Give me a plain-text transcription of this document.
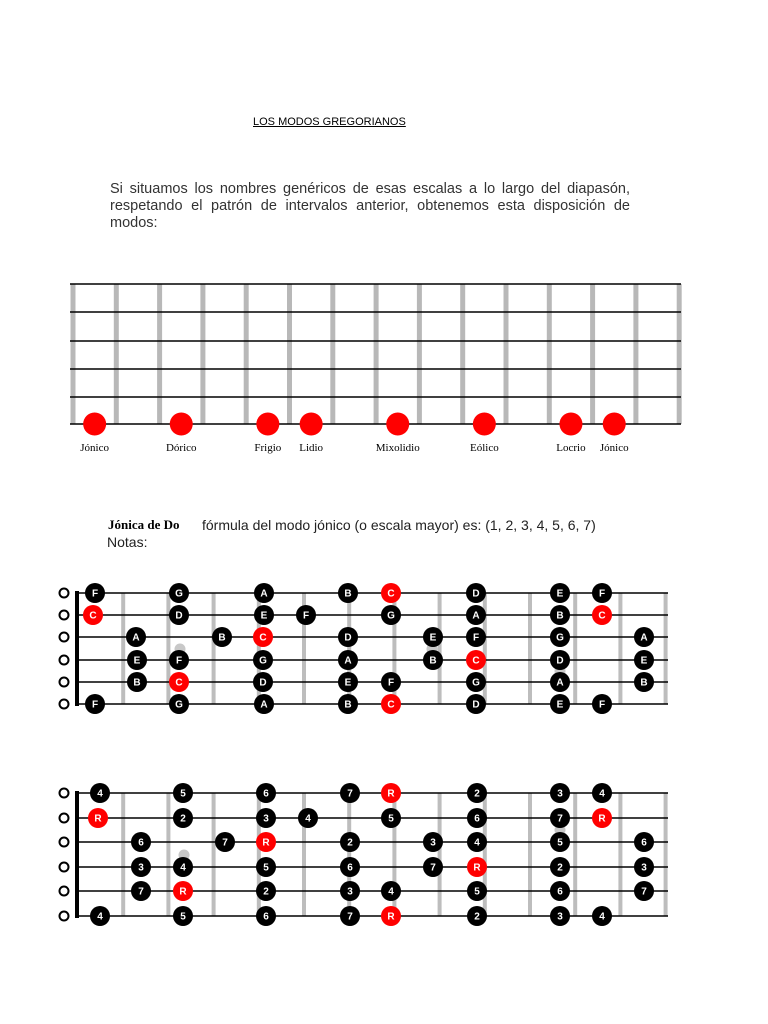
LOS MODOS GREGORIANOS

Si situamos los nombres genéricos de esas escalas a lo largo del diapasón,

respetando el patrón de intervalos anterior, obtenemos esta disposición de modos:

Jónico	Dórico	Frigio Lidio	Mixolidio	Eólico	Locrio Jónico
Jónica de Do fórmula del modo jónico (o escala mayor) es: (1, 2, 3, 4, 5, 6, 7)
Notas:
F	G	A	B	C	D	E	F
C	D	E	F	G	A	B	C
A	B	C	D	E	F	G	A
E	F	G	A	B	C	D	E
B	C	D	E	F	G	A	B
F	G	A	B	C	D	E	F
4	5	6	7	R	2	3	4
R	2	3	4	5	6	7	R
6	7	R	2	3	4	5	6
3	4	5	6	7	R	2	3
7	R	2	3	4	5	6	7
4	5	6	7	R	2	3	4
